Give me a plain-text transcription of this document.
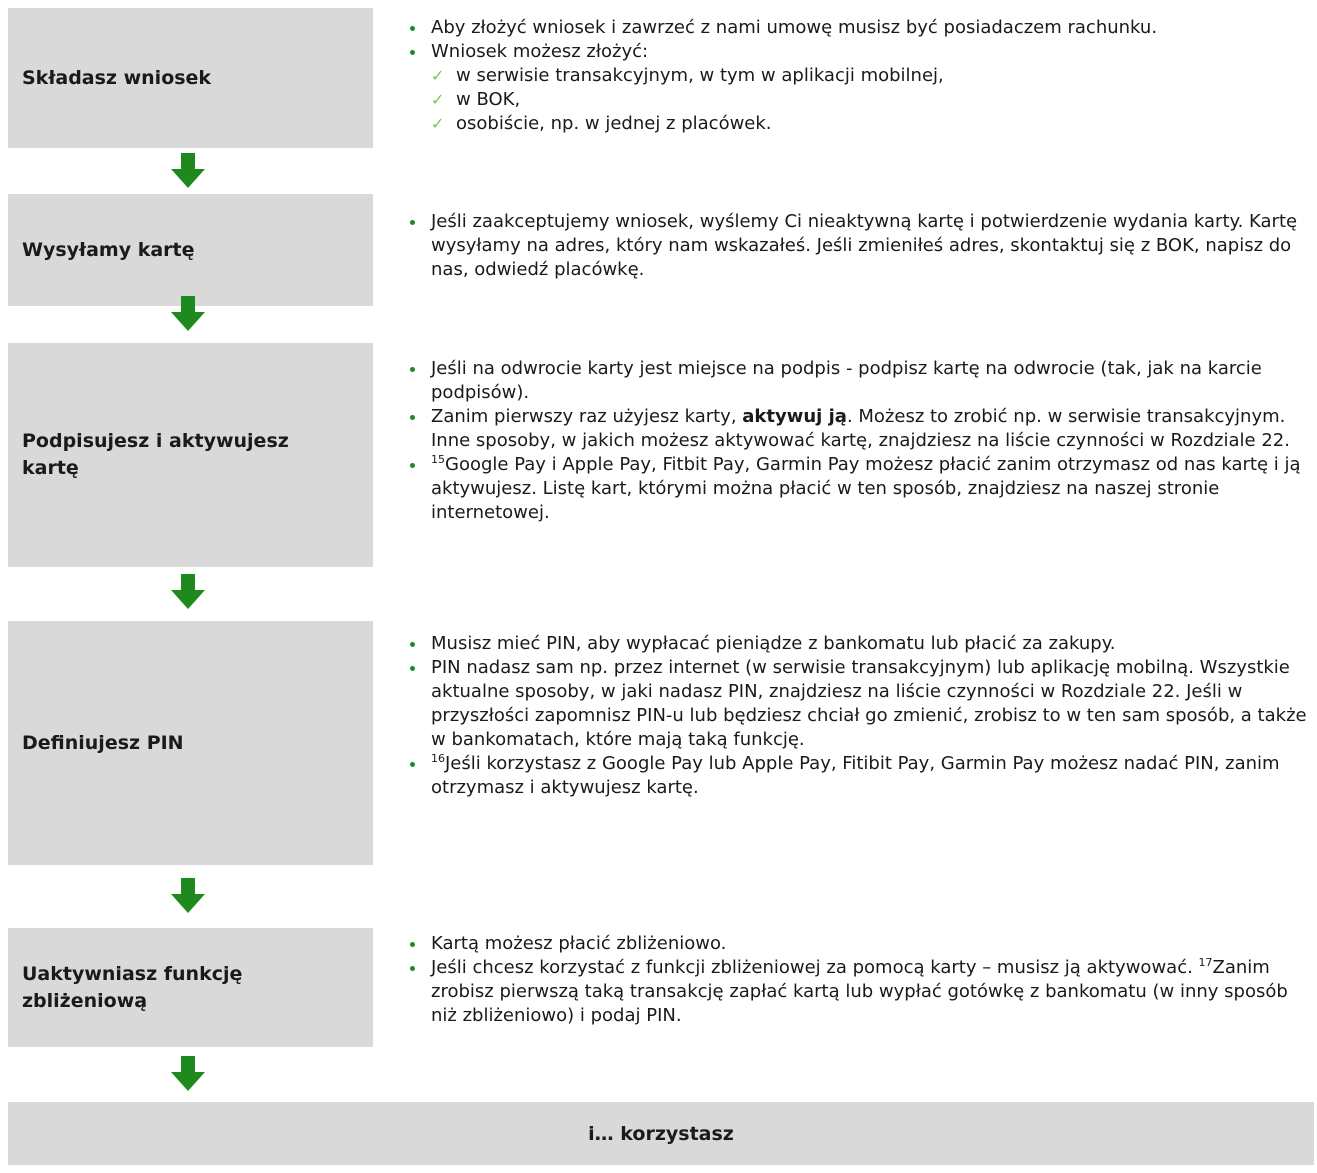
Składasz wniosek
Aby złożyć wniosek i zawrzeć z nami umowę musisz być posiadaczem rachunku.
Wniosek możesz złożyć:
✓ w serwisie transakcyjnym, w tym w aplikacji mobilnej,
✓ w BOK,
✓ osobiście, np. w jednej z placówek.
Wysyłamy kartę
Jeśli zaakceptujemy wniosek, wyślemy Ci nieaktywną kartę i potwierdzenie wydania karty. Kartę wysyłamy na adres, który nam wskazałeś. Jeśli zmieniłeś adres, skontaktuj się z BOK, napisz do nas, odwiedź placówkę.
Podpisujesz i aktywujesz kartę
Jeśli na odwrocie karty jest miejsce na podpis - podpisz kartę na odwrocie (tak, jak na karcie podpisów).
Zanim pierwszy raz użyjesz karty, aktywuj ją. Możesz to zrobić np. w serwisie transakcyjnym. Inne sposoby, w jakich możesz aktywować kartę, znajdziesz na liście czynności w Rozdziale 22.
$^{15}$Google Pay i Apple Pay, Fitbit Pay, Garmin Pay możesz płacić zanim otrzymasz od nas kartę i ją aktywujesz. Listę kart, którymi można płacić w ten sposób, znajdziesz na naszej stronie internetowej.
Definiujesz PIN
Musisz mieć PIN, aby wypłacać pieniądze z bankomatu lub płacić za zakupy.
PIN nadasz sam np. przez internet (w serwisie transakcyjnym) lub aplikację mobilną. Wszystkie aktualne sposoby, w jaki nadasz PIN, znajdziesz na liście czynności w Rozdziale 22. Jeśli w przyszłości zapomnisz PIN-u lub będziesz chciał go zmienić, zrobisz to w ten sam sposób, a także w bankomatach, które mają taką funkcję.
$^{16}$Jeśli korzystasz z Google Pay lub Apple Pay, Fitibit Pay, Garmin Pay możesz nadać PIN, zanim otrzymasz i aktywujesz kartę.
Uaktywniasz funkcję zbliżeniową
Kartą możesz płacić zbliżeniowo.
Jeśli chcesz korzystać z funkcji zbliżeniowej za pomocą karty – musisz ją aktywować. $^{17}$Zanim zrobisz pierwszą taką transakcję zapłać kartą lub wypłać gotówkę z bankomatu (w inny sposób niż zbliżeniowo) i podaj PIN.
i… korzystasz
